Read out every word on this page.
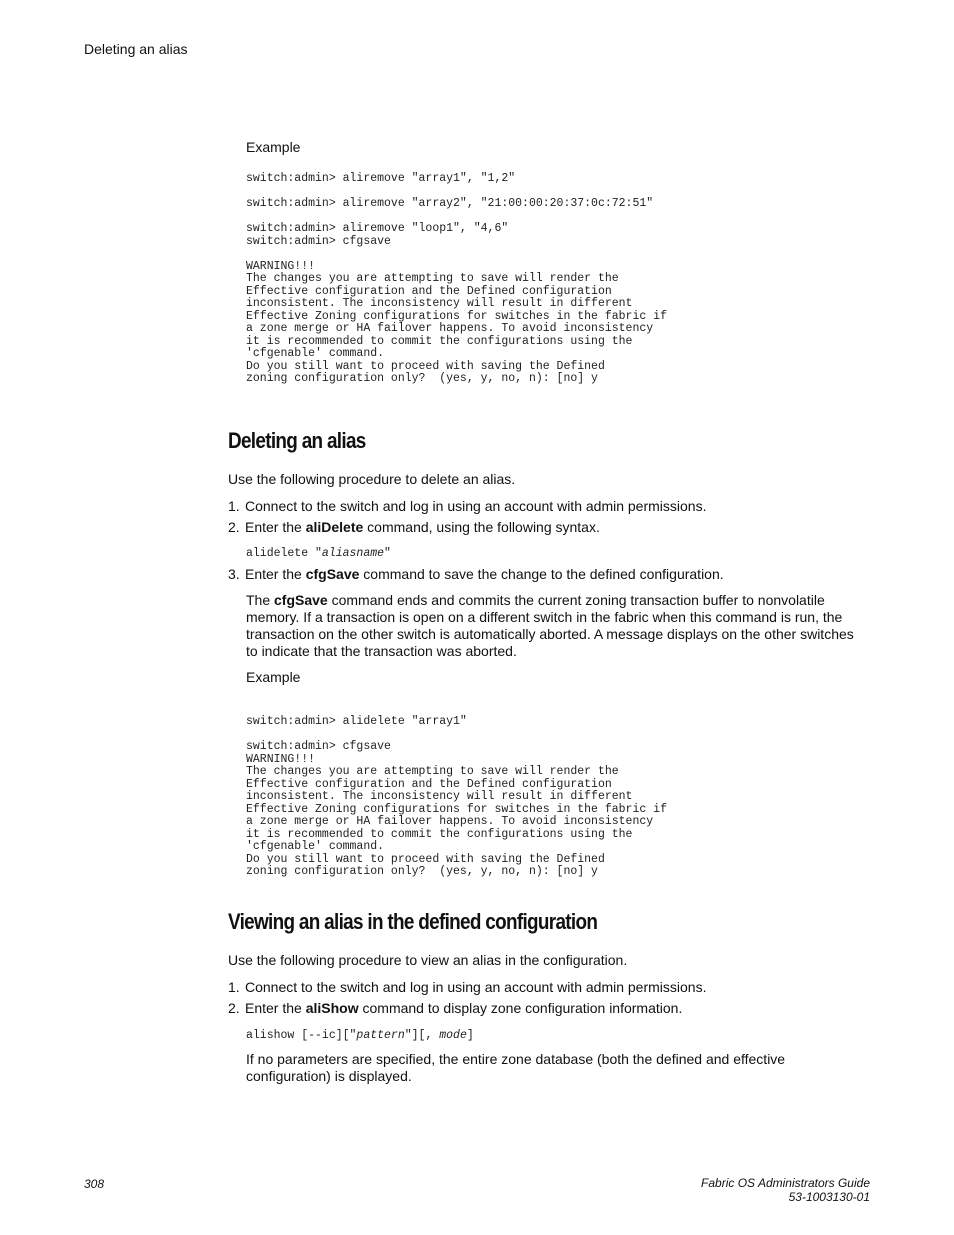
Deleting an alias
Example
switch:admin> aliremove "array1", "1,2"

switch:admin> aliremove "array2", "21:00:00:20:37:0c:72:51"

switch:admin> aliremove "loop1", "4,6"
switch:admin> cfgsave

WARNING!!!
The changes you are attempting to save will render the
Effective configuration and the Defined configuration
inconsistent. The inconsistency will result in different
Effective Zoning configurations for switches in the fabric if
a zone merge or HA failover happens. To avoid inconsistency
it is recommended to commit the configurations using the
'cfgenable' command.
Do you still want to proceed with saving the Defined
zoning configuration only?  (yes, y, no, n): [no] y
Deleting an alias

Use the following procedure to delete an alias.

1. Connect to the switch and log in using an account with admin permissions.
2. Enter the aliDelete command, using the following syntax.
alidelete "aliasname"
3. Enter the cfgSave command to save the change to the defined configuration.

The cfgSave command ends and commits the current zoning transaction buffer to nonvolatile memory. If a transaction is open on a different switch in the fabric when this command is run, the transaction on the other switch is automatically aborted. A message displays on the other switches to indicate that the transaction was aborted.

Example
switch:admin> alidelete "array1"

switch:admin> cfgsave
WARNING!!!
The changes you are attempting to save will render the
Effective configuration and the Defined configuration
inconsistent. The inconsistency will result in different
Effective Zoning configurations for switches in the fabric if
a zone merge or HA failover happens. To avoid inconsistency
it is recommended to commit the configurations using the
'cfgenable' command.
Do you still want to proceed with saving the Defined
zoning configuration only?  (yes, y, no, n): [no] y
Viewing an alias in the defined configuration

Use the following procedure to view an alias in the configuration.

1. Connect to the switch and log in using an account with admin permissions.
2. Enter the aliShow command to display zone configuration information.
alishow [--ic]["pattern"][, mode]

If no parameters are specified, the entire zone database (both the defined and effective configuration) is displayed.

308	Fabric OS Administrators Guide
53-1003130-01
